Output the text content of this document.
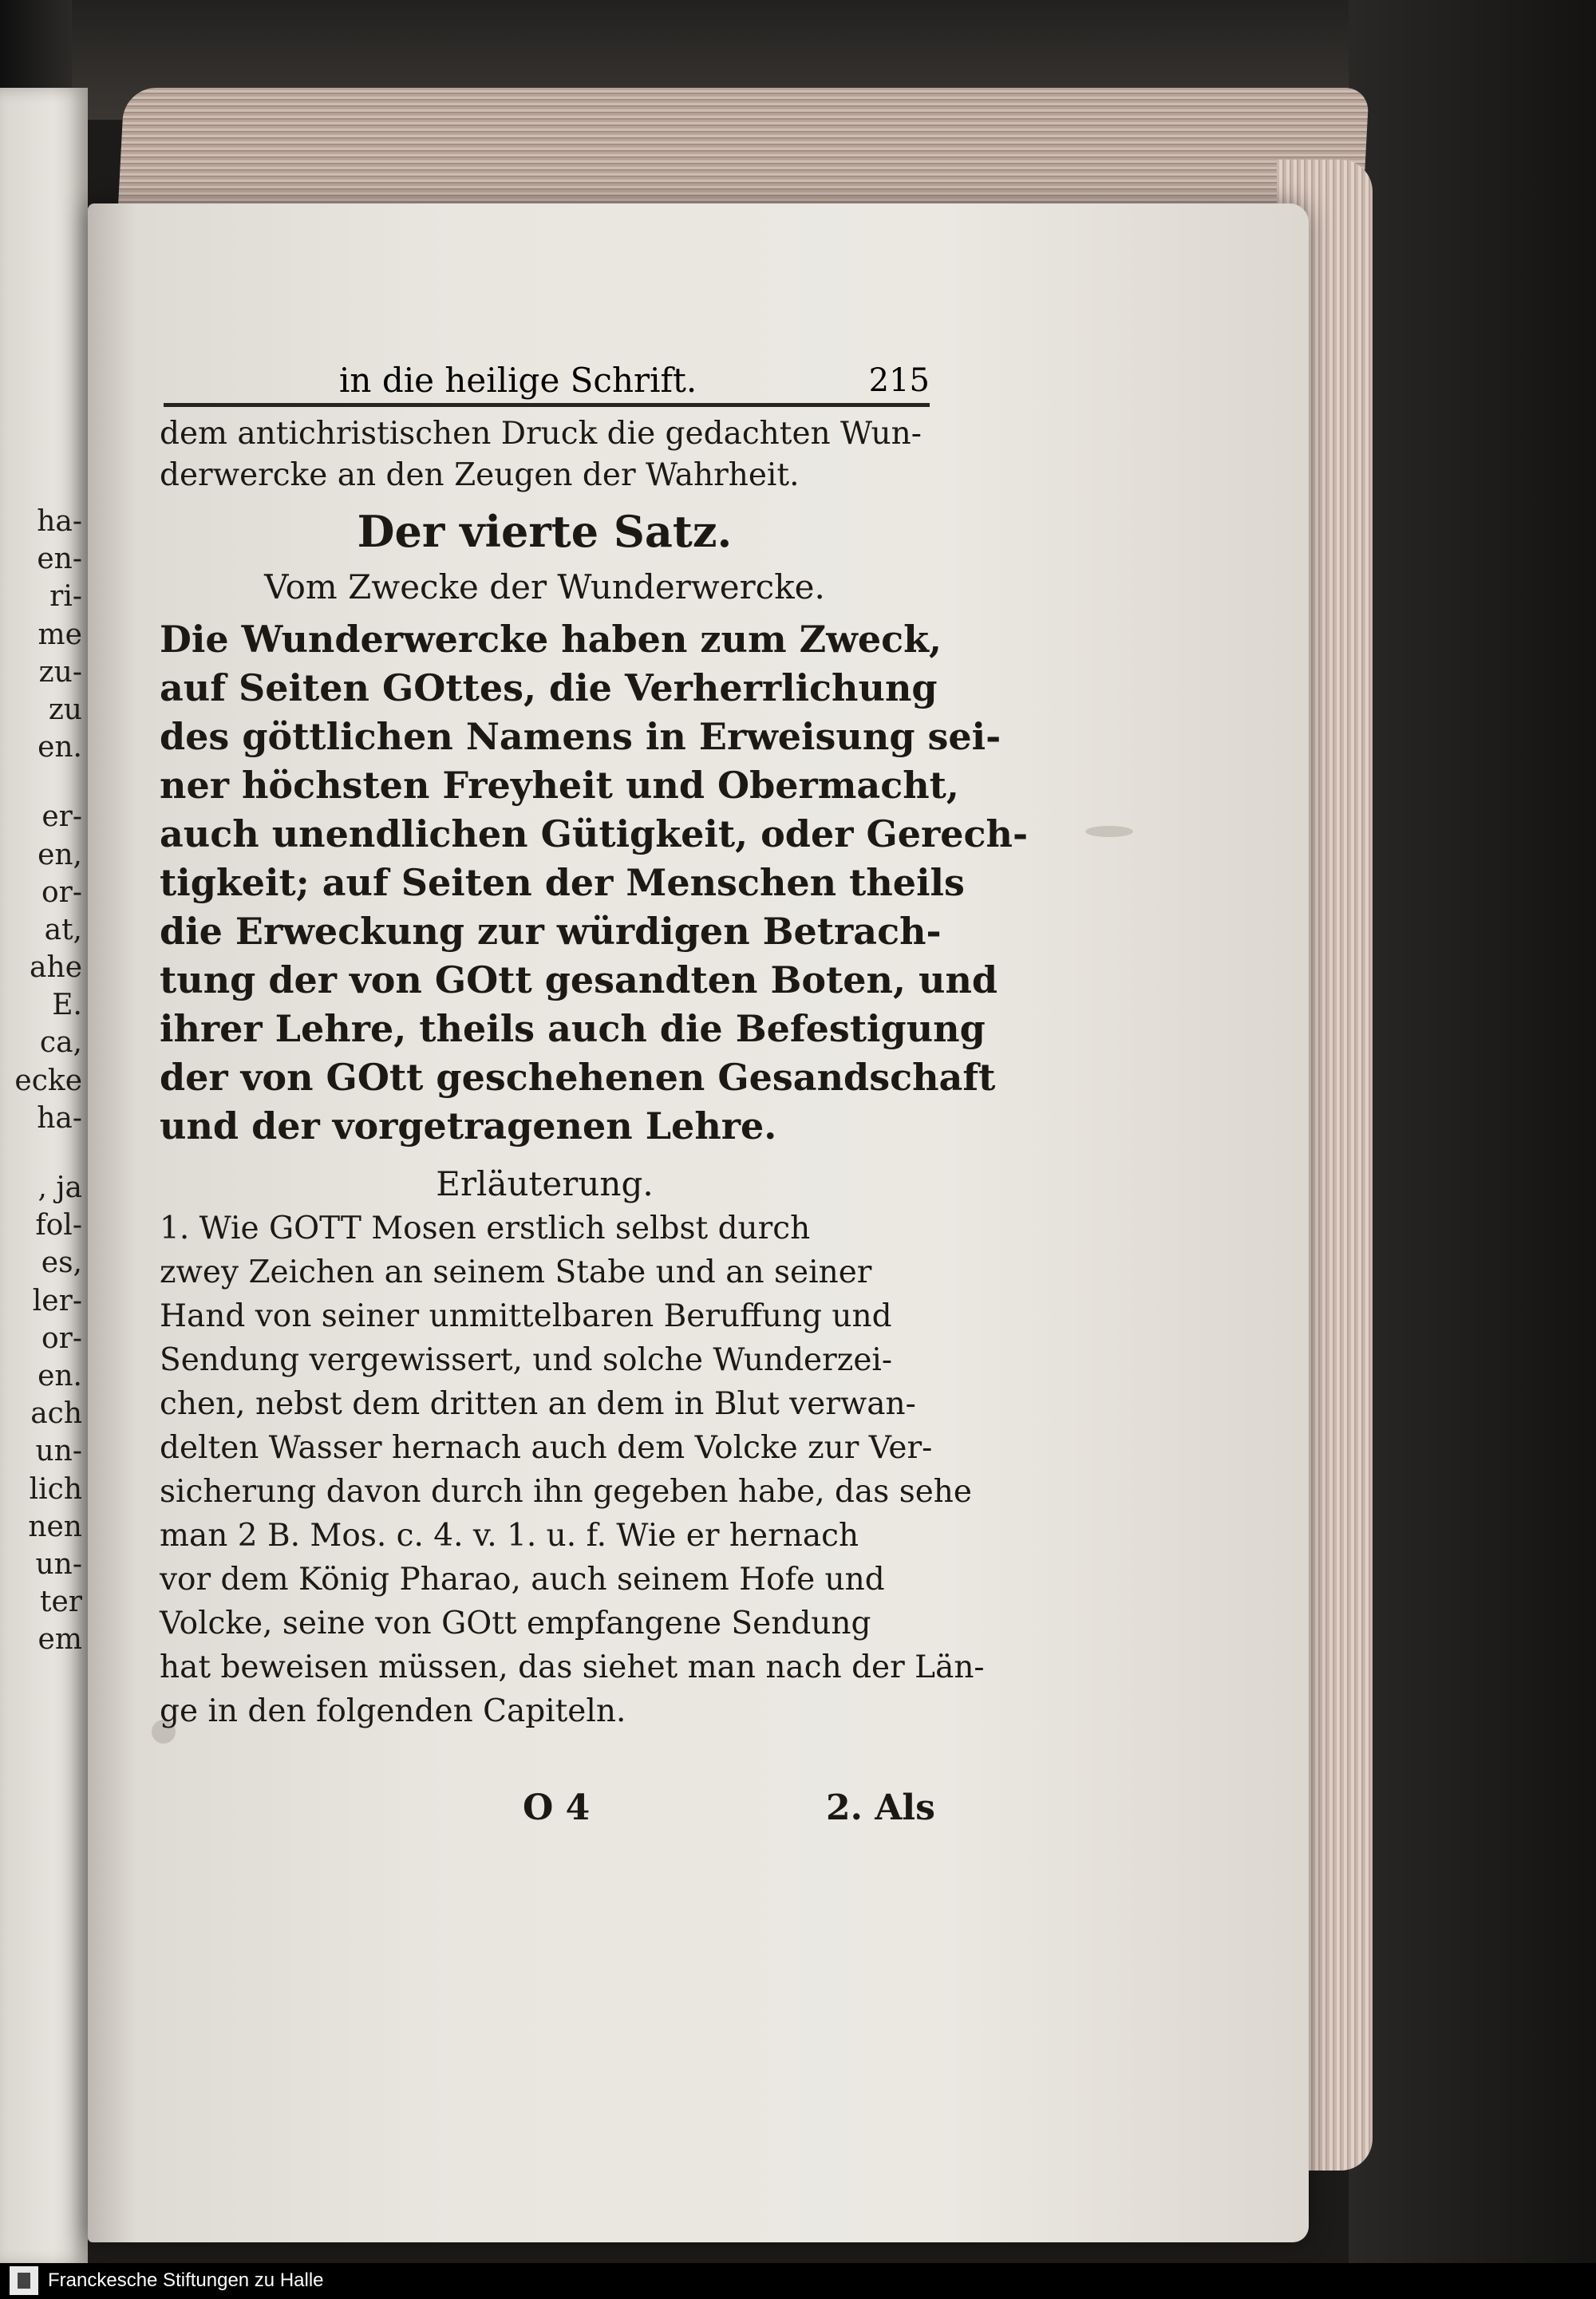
ha-
en-
ri-
me
zu-
zu
en.
er-
en,
or-
at,
ahe
E.
ca,
ecke
ha-
, ja
fol-
es,
ler-
or-
en.
ach
un-
lich
nen
un-
ter
em
in die heilige Schrift.	215
dem antichristischen Druck die gedachten Wun-
derwercke an den Zeugen der Wahrheit.
Der vierte Satz.
Vom Zwecke der Wunderwercke.
Die Wunderwercke haben zum Zweck,
auf Seiten GOttes, die Verherrlichung
des göttlichen Namens in Erweisung sei-
ner höchsten Freyheit und Obermacht,
auch unendlichen Gütigkeit, oder Gerech-
tigkeit; auf Seiten der Menschen theils
die Erweckung zur würdigen Betrach-
tung der von GOtt gesandten Boten, und
ihrer Lehre, theils auch die Befestigung
der von GOtt geschehenen Gesandschaft
und der vorgetragenen Lehre.
Erläuterung.
1. Wie GOTT Mosen erstlich selbst durch
zwey Zeichen an seinem Stabe und an seiner
Hand von seiner unmittelbaren Beruffung und
Sendung vergewissert, und solche Wunderzei-
chen, nebst dem dritten an dem in Blut verwan-
delten Wasser hernach auch dem Volcke zur Ver-
sicherung davon durch ihn gegeben habe, das sehe
man 2 B. Mos. c. 4. v. 1. u. f. Wie er hernach
vor dem König Pharao, auch seinem Hofe und
Volcke, seine von GOtt empfangene Sendung
hat beweisen müssen, das siehet man nach der Län-
ge in den folgenden Capiteln.
O 4	2. Als
Franckesche Stiftungen zu Halle
